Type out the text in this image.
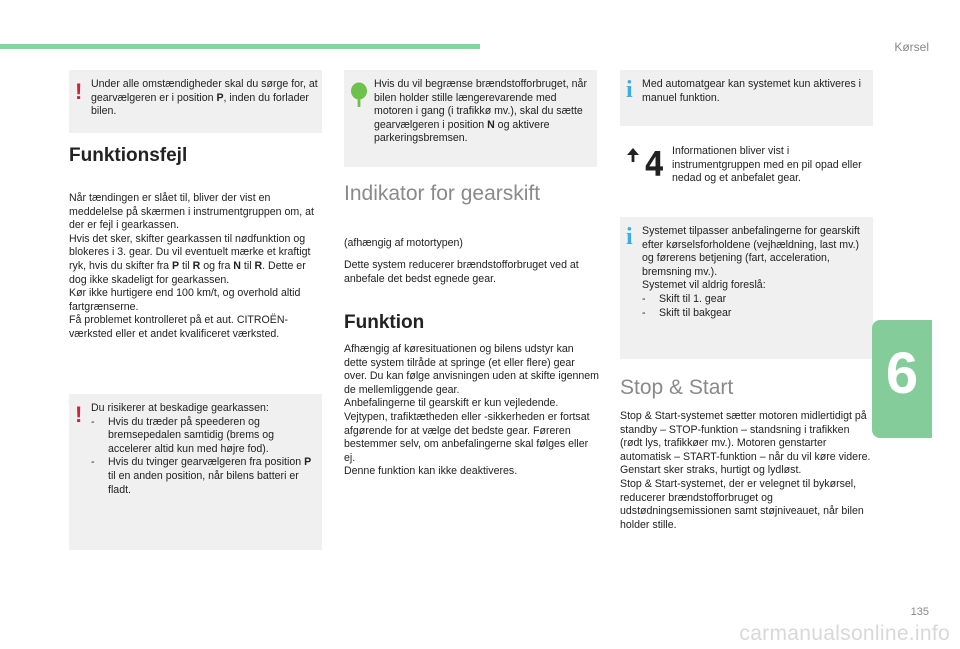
Kørsel
! Under alle omstændigheder skal du sørge for, at gearvælgeren er i position P, inden du forlader bilen.
Funktionsfejl
Når tændingen er slået til, bliver der vist en meddelelse på skærmen i instrumentgruppen om, at der er fejl i gearkassen.
Hvis det sker, skifter gearkassen til nødfunktion og blokeres i 3. gear. Du vil eventuelt mærke et kraftigt ryk, hvis du skifter fra P til R og fra N til R. Dette er dog ikke skadeligt for gearkassen.
Kør ikke hurtigere end 100 km/t, og overhold altid fartgrænserne.
Få problemet kontrolleret på et aut. CITROËN-værksted eller et andet kvalificeret værksted.
! Du risikerer at beskadige gearkassen:
- Hvis du træder på speederen og bremsepedalen samtidig (brems og accelerer altid kun med højre fod).
- Hvis du tvinger gearvælgeren fra position P til en anden position, når bilens batteri er fladt.
Hvis du vil begrænse brændstofforbruget, når bilen holder stille længerevarende med motoren i gang (i trafikkø mv.), skal du sætte gearvælgeren i position N og aktivere parkeringsbremsen.
Indikator for gearskift
(afhængig af motortypen)
Dette system reducerer brændstofforbruget ved at anbefale det bedst egnede gear.
Funktion
Afhængig af køresituationen og bilens udstyr kan dette system tilråde at springe (et eller flere) gear over. Du kan følge anvisningen uden at skifte igennem de mellemliggende gear.
Anbefalingerne til gearskift er kun vejledende. Vejtypen, trafiktætheden eller -sikkerheden er fortsat afgørende for at vælge det bedste gear. Føreren bestemmer selv, om anbefalingerne skal følges eller ej.
Denne funktion kan ikke deaktiveres.
i Med automatgear kan systemet kun aktiveres i manuel funktion.
4 Informationen bliver vist i instrumentgruppen med en pil opad eller nedad og et anbefalet gear.
i Systemet tilpasser anbefalingerne for gearskift efter kørselsforholdene (vejhældning, last mv.) og førerens betjening (fart, acceleration, bremsning mv.).
Systemet vil aldrig foreslå:
- Skift til 1. gear
- Skift til bakgear
Stop & Start
Stop & Start-systemet sætter motoren midlertidigt på standby – STOP-funktion – standsning i trafikken (rødt lys, trafikkøer mv.). Motoren genstarter automatisk – START-funktion – når du vil køre videre.
Genstart sker straks, hurtigt og lydløst.
Stop & Start-systemet, der er velegnet til bykørsel, reducerer brændstofforbruget og udstødningsemissionen samt støjniveauet, når bilen holder stille.
6
135
carmanualsonline.info
